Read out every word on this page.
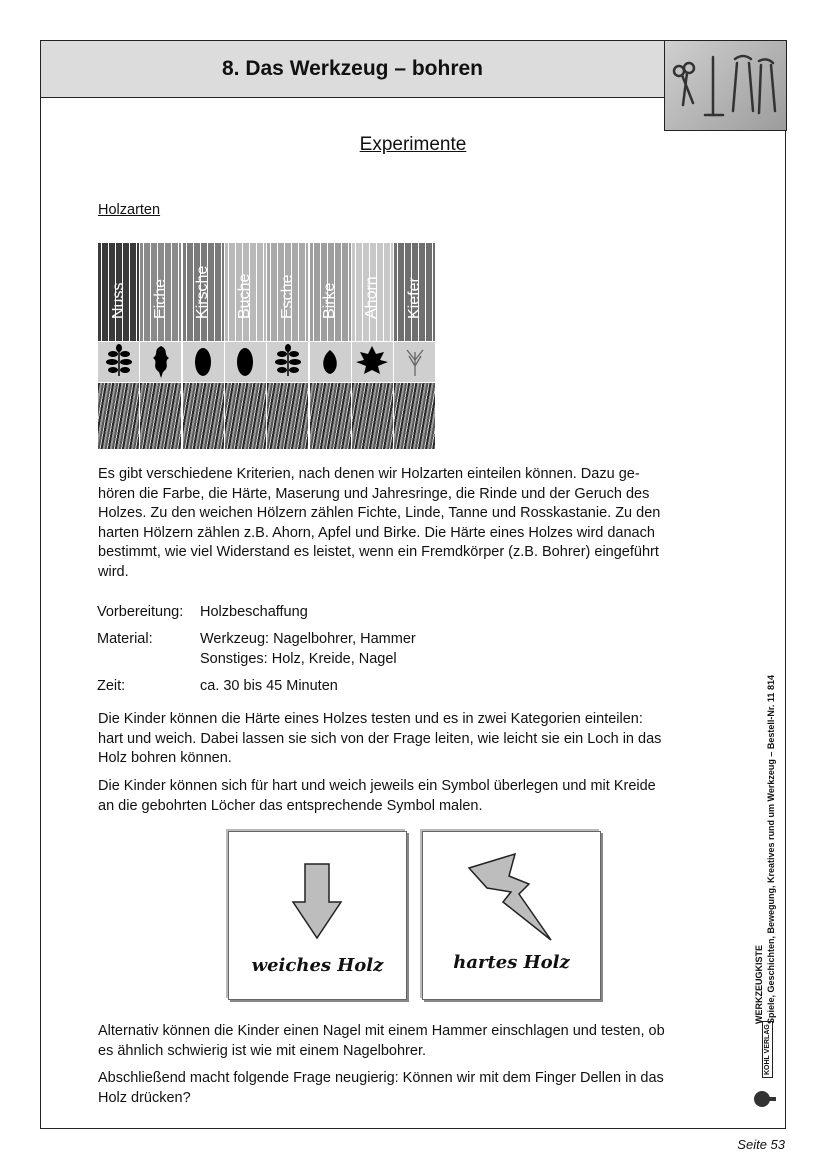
8. Das Werkzeug – bohren
Experimente
Holzarten
Nuss Eiche Kirsche Buche Esche Birke Ahorn Kiefer

Es gibt verschiedene Kriterien, nach denen wir Holzarten einteilen können. Dazu ge-
hören die Farbe, die Härte, Maserung und Jahresringe, die Rinde und der Geruch des
Holzes. Zu den weichen Hölzern zählen Fichte, Linde, Tanne und Rosskastanie. Zu den
harten Hölzern zählen z.B. Ahorn, Apfel und Birke. Die Härte eines Holzes wird danach
bestimmt, wie viel Widerstand es leistet, wenn ein Fremdkörper (z.B. Bohrer) eingeführt
wird.

Vorbereitung: Holzbeschaffung
Material:	Werkzeug: Nagelbohrer, Hammer
Sonstiges: Holz, Kreide, Nagel
Zeit:	ca. 30 bis 45 Minuten

Die Kinder können die Härte eines Holzes testen und es in zwei Kategorien einteilen:
hart und weich. Dabei lassen sie sich von der Frage leiten, wie leicht sie ein Loch in das
Holz bohren können.

Die Kinder können sich für hart und weich jeweils ein Symbol überlegen und mit Kreide
an die gebohrten Löcher das entsprechende Symbol malen.

weiches Holz	hartes Holz

Alternativ können die Kinder einen Nagel mit einem Hammer einschlagen und testen, ob
es ähnlich schwierig ist wie mit einem Nagelbohrer.

Abschließend macht folgende Frage neugierig: Können wir mit dem Finger Dellen in das
Holz drücken?

KOHL VERLAG
WERKZEUGKISTE Spiele, Geschichten, Bewegung, Kreatives rund um Werkzeug – Bestell-Nr. 11 814
Seite 53
